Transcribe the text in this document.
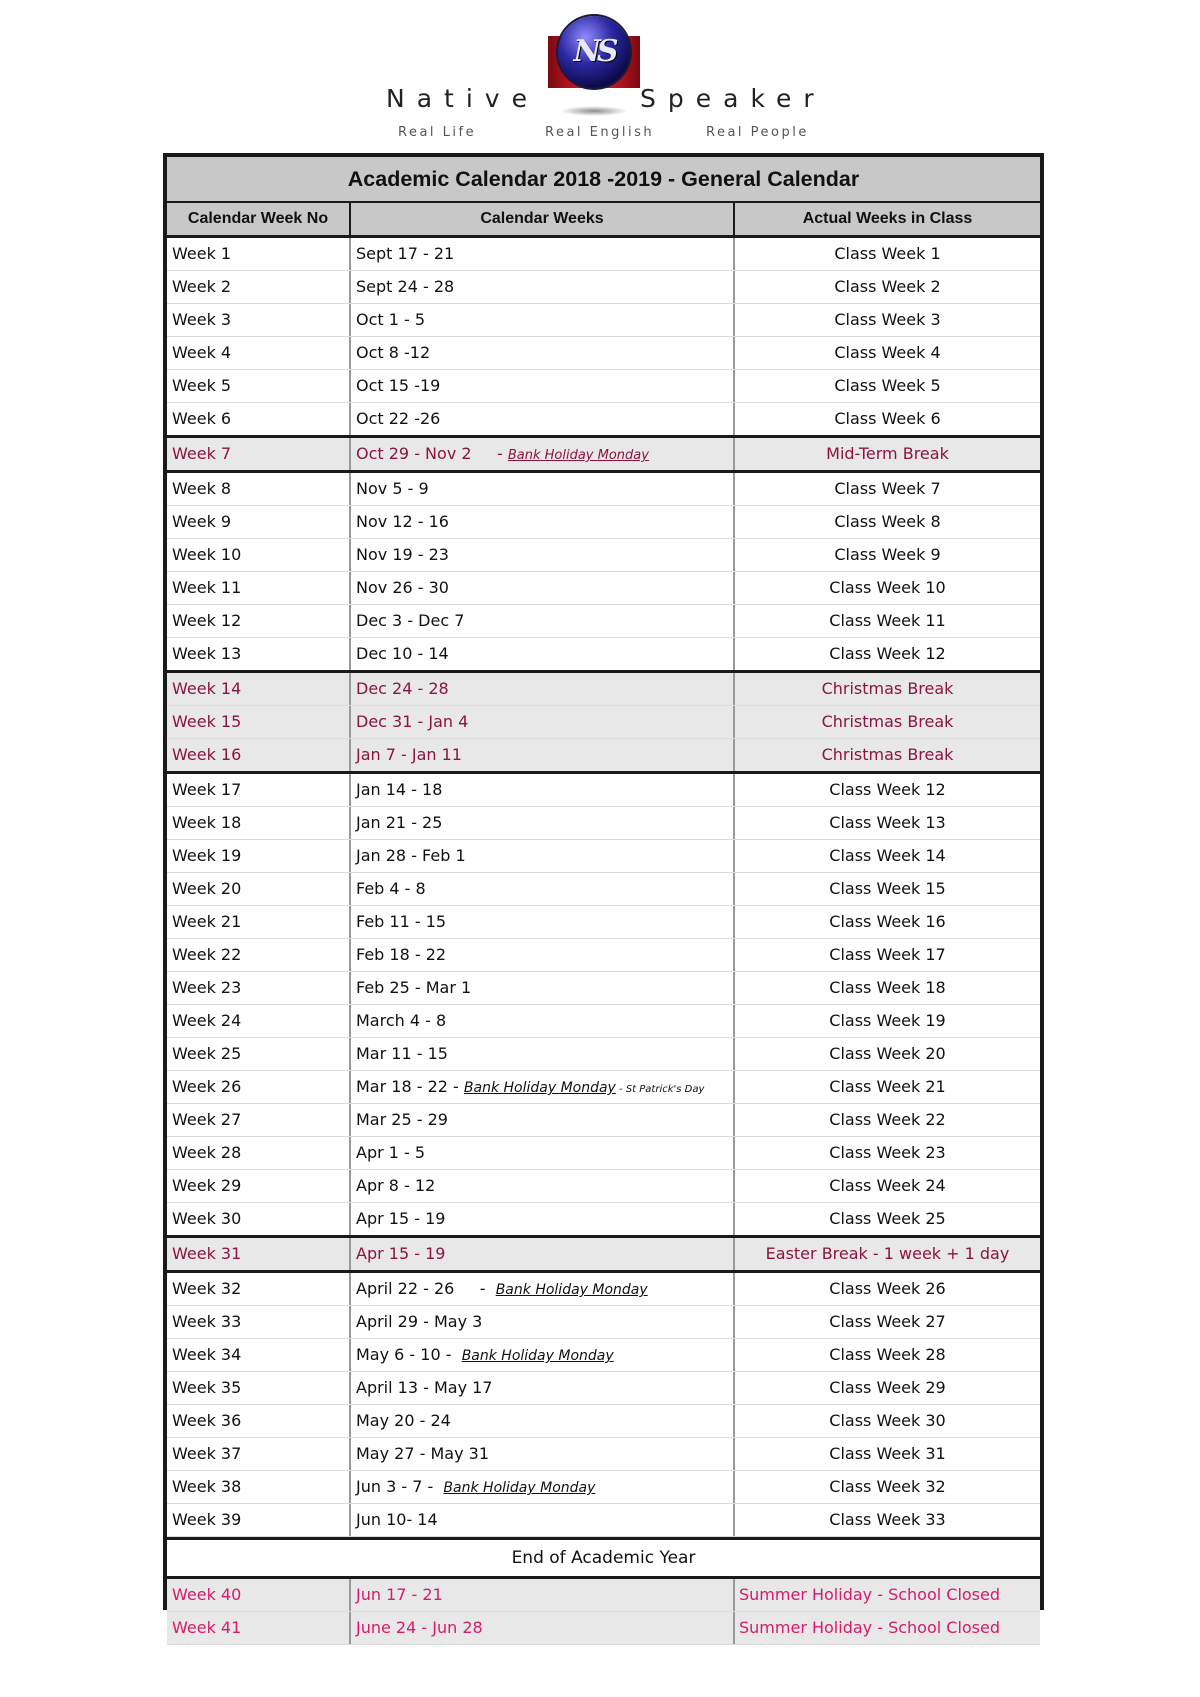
NS
Native	Speaker
Real Life	Real English	Real People
Academic Calendar 2018 -2019 - General Calendar
Calendar Week No	Calendar Weeks	Actual Weeks in Class
Week 1	Sept 17 - 21	Class Week 1
Week 2	Sept 24 - 28	Class Week 2
Week 3	Oct 1 - 5	Class Week 3
Week 4	Oct 8 -12	Class Week 4
Week 5	Oct 15 -19	Class Week 5
Week 6	Oct 22 -26	Class Week 6
Week 7	Oct 29 - Nov 2     - Bank Holiday Monday	Mid-Term Break
Week 8	Nov 5 - 9	Class Week 7
Week 9	Nov 12 - 16	Class Week 8
Week 10	Nov 19 - 23	Class Week 9
Week 11	Nov 26 - 30	Class Week 10
Week 12	Dec 3 - Dec 7	Class Week 11
Week 13	Dec 10 - 14	Class Week 12
Week 14	Dec 24 - 28	Christmas Break
Week 15	Dec 31 - Jan 4	Christmas Break
Week 16	Jan 7 - Jan 11	Christmas Break
Week 17	Jan 14 - 18	Class Week 12
Week 18	Jan 21 - 25	Class Week 13
Week 19	Jan 28 - Feb 1	Class Week 14
Week 20	Feb 4 - 8	Class Week 15
Week 21	Feb 11 - 15	Class Week 16
Week 22	Feb 18 - 22	Class Week 17
Week 23	Feb 25 - Mar 1	Class Week 18
Week 24	March 4 - 8	Class Week 19
Week 25	Mar 11 - 15	Class Week 20
Week 26	Mar 18 - 22 - Bank Holiday Monday - St Patrick's Day	Class Week 21
Week 27	Mar 25 - 29	Class Week 22
Week 28	Apr 1 - 5	Class Week 23
Week 29	Apr 8 - 12	Class Week 24
Week 30	Apr 15 - 19	Class Week 25
Week 31	Apr 15 - 19	Easter Break - 1 week + 1 day
Week 32	April 22 - 26     -  Bank Holiday Monday	Class Week 26
Week 33	April 29 - May 3	Class Week 27
Week 34	May 6 - 10 -  Bank Holiday Monday	Class Week 28
Week 35	April 13 - May 17	Class Week 29
Week 36	May 20 - 24	Class Week 30
Week 37	May 27 - May 31	Class Week 31
Week 38	Jun 3 - 7 -  Bank Holiday Monday	Class Week 32
Week 39	Jun 10- 14	Class Week 33
End of Academic Year
Week 40	Jun 17 - 21	Summer Holiday - School Closed
Week 41	June 24 - Jun 28	Summer Holiday - School Closed
